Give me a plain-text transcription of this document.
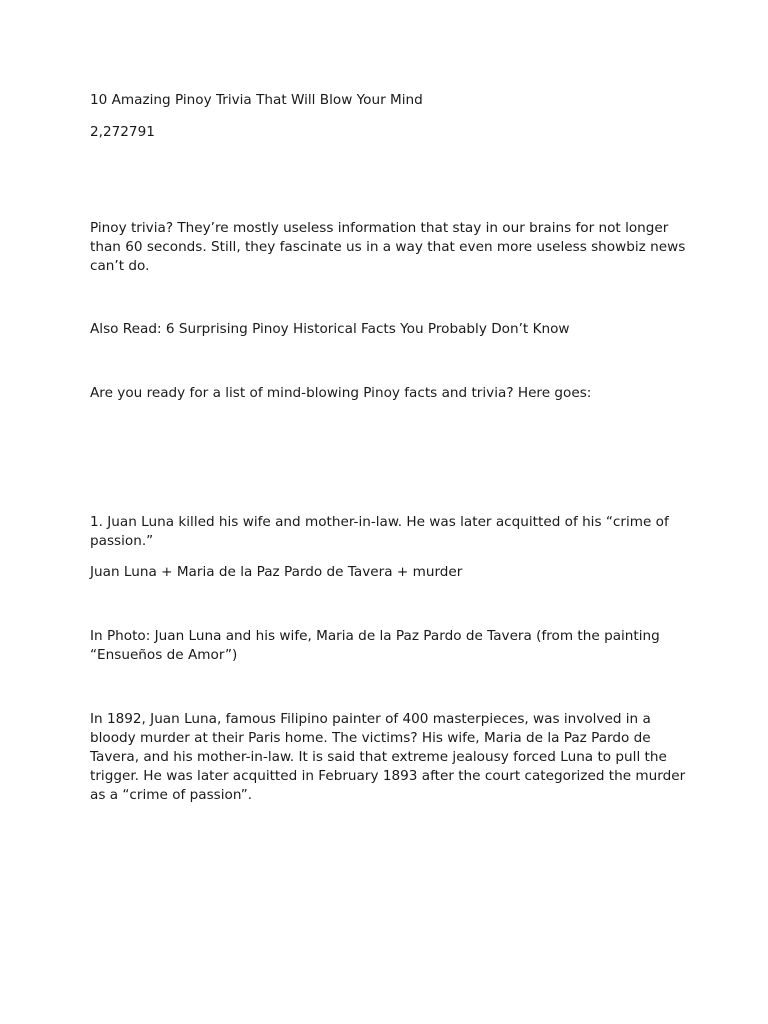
10 Amazing Pinoy Trivia That Will Blow Your Mind

2,272791

Pinoy trivia? They’re mostly useless information that stay in our brains for not longer than 60 seconds. Still, they fascinate us in a way that even more useless showbiz news can’t do.

Also Read: 6 Surprising Pinoy Historical Facts You Probably Don’t Know

Are you ready for a list of mind-blowing Pinoy facts and trivia? Here goes:

1. Juan Luna killed his wife and mother-in-law. He was later acquitted of his “crime of passion.”

Juan Luna + Maria de la Paz Pardo de Tavera + murder

In Photo: Juan Luna and his wife, Maria de la Paz Pardo de Tavera (from the painting “Ensueños de Amor”)

In 1892, Juan Luna, famous Filipino painter of 400 masterpieces, was involved in a bloody murder at their Paris home. The victims? His wife, Maria de la Paz Pardo de Tavera, and his mother-in-law. It is said that extreme jealousy forced Luna to pull the trigger. He was later acquitted in February 1893 after the court categorized the murder as a “crime of passion”.
